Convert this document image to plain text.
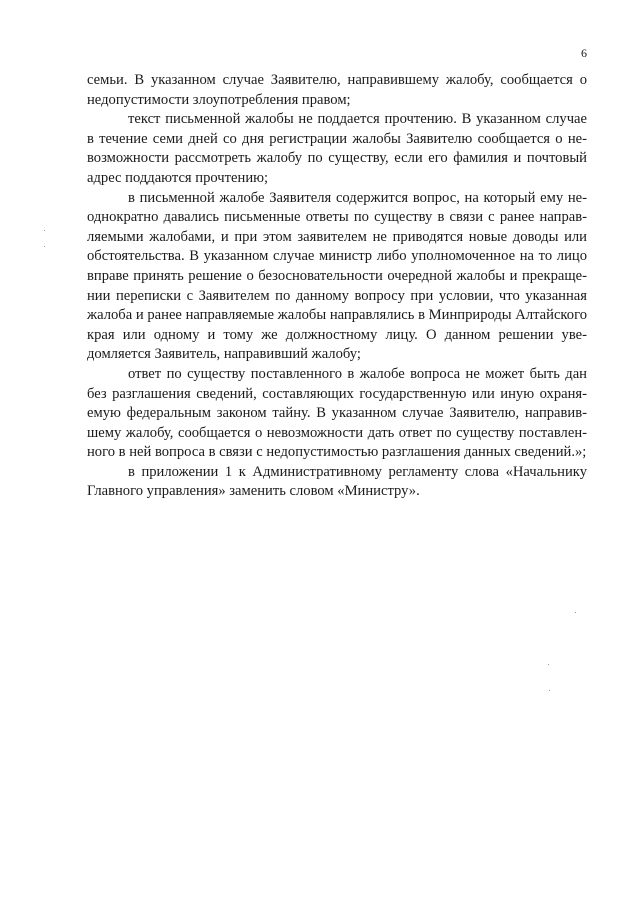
6

семьи. В указанном случае Заявителю, направившему жалобу, сообщается о недопустимости злоупотребления правом;

текст письменной жалобы не поддается прочтению. В указанном случае в течение семи дней со дня регистрации жалобы Заявителю сообщается о невозможности рассмотреть жалобу по существу, если его фамилия и почтовый адрес поддаются прочтению;

в письменной жалобе Заявителя содержится вопрос, на который ему неоднократно давались письменные ответы по существу в связи с ранее направляемыми жалобами, и при этом заявителем не приводятся новые доводы или обстоятельства. В указанном случае министр либо уполномоченное на то лицо вправе принять решение о безосновательности очередной жалобы и прекращении переписки с Заявителем по данному вопросу при условии, что указанная жалоба и ранее направляемые жалобы направлялись в Минприроды Алтайского края или одному и тому же должностному лицу. О данном решении уведомляется Заявитель, направивший жалобу;

ответ по существу поставленного в жалобе вопроса не может быть дан без разглашения сведений, составляющих государственную или иную охраняемую федеральным законом тайну. В указанном случае Заявителю, направившему жалобу, сообщается о невозможности дать ответ по существу поставленного в ней вопроса в связи с недопустимостью разглашения данных сведений.»;

в приложении 1 к Административному регламенту слова «Начальнику Главного управления» заменить словом «Министру».
